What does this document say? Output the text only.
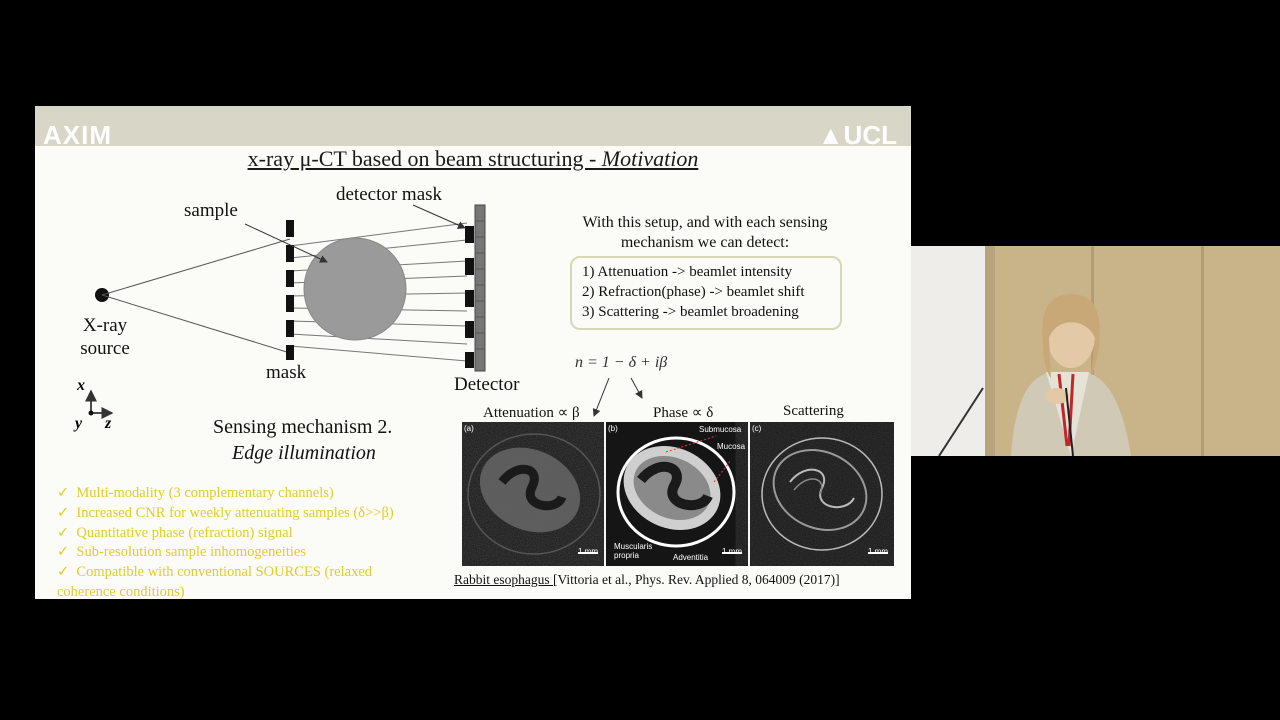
AXIM	▲UCL
x-ray μ-CT based on beam structuring - Motivation
sample
detector mask
X-ray source
mask
Detector
x
y z	Sensing mechanism 2.
Edge illumination
With this setup, and with each sensing mechanism we can detect:
1) Attenuation -> beamlet intensity
2) Refraction(phase) -> beamlet shift
3) Scattering -> beamlet broadening
n = 1 − δ + iβ
Attenuation ∝ β	Phase ∝ δ	Scattering
(a)	(b)	(c)
Submucosa
Mucosa
Muscularis
propria	Adventitia
1 mm	1 mm	1 mm
✓ Multi-modality (3 complementary channels)
✓ Increased CNR for weekly attenuating samples (δ>>β)
✓ Quantitative phase (refraction) signal
✓ Sub-resolution sample inhomogeneities
✓ Compatible with conventional SOURCES (relaxed coherence conditions)
Rabbit esophagus [Vittoria et al., Phys. Rev. Applied 8, 064009 (2017)]
